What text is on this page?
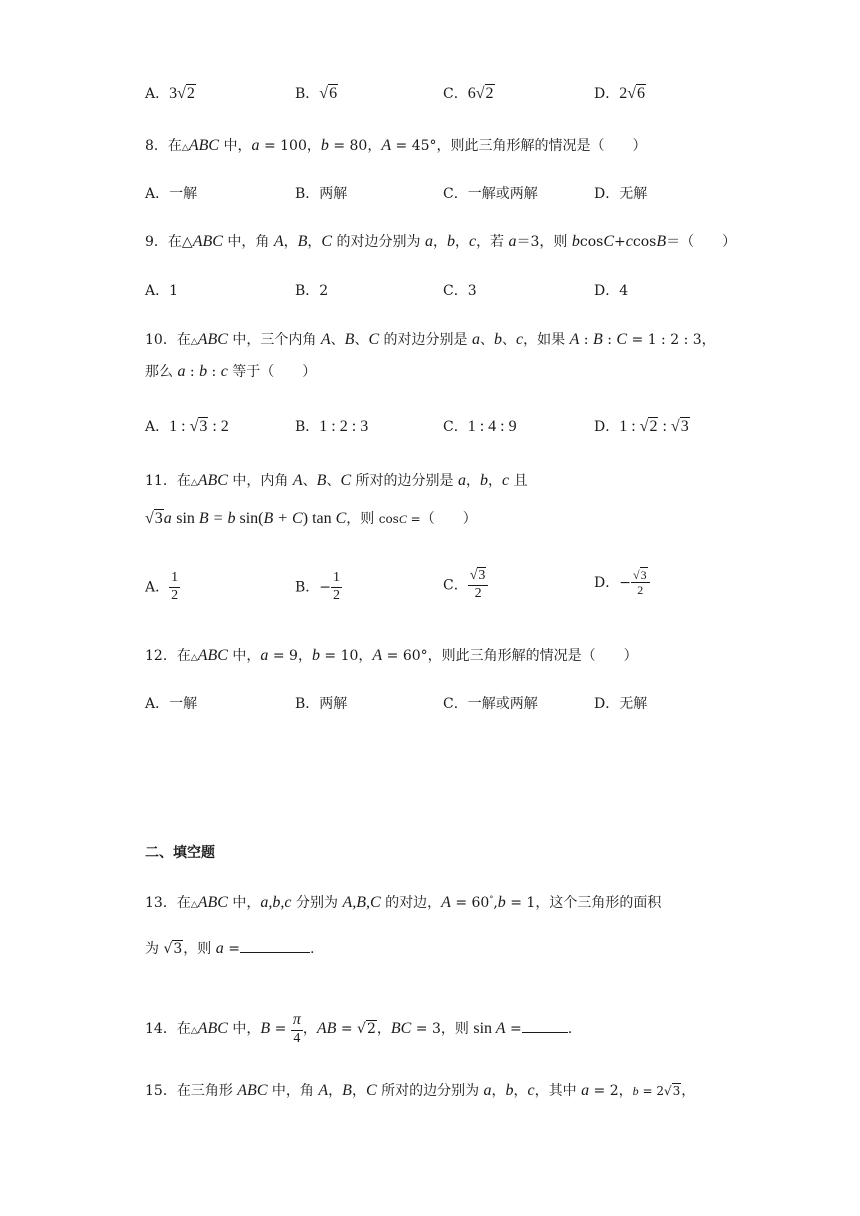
A．3√2	B．√6	C．6√2	D．2√6
8．在△ABC 中，a = 100，b = 80，A = 45°，则此三角形解的情况是（　　）
A．一解	B．两解	C．一解或两解	D．无解
9．在△ABC 中，角 A，B，C 的对边分别为 a，b，c，若 a＝3，则 bcosC+ccosB＝（　　）
A．1	B．2	C．3	D．4
10．在△ABC 中，三个内角 A、B、C 的对边分别是 a、b、c，如果 A : B : C = 1 : 2 : 3，
那么 a : b : c 等于（　　）
A．1 : √3 : 2	B．1 : 2 : 3	C．1 : 4 : 9	D．1 : √2 : √3
11．在△ABC 中，内角 A、B、C 所对的边分别是 a，b，c 且
√3a sin B = b sin(B + C) tan C，则 cosC =（　　）
A． $\frac{1}{2}$	B．− $\frac{1}{2}$	C． $\frac{√3}{2}$	D．− $\frac{√3}{2}$
12．在△ABC 中，a = 9，b = 10，A = 60°，则此三角形解的情况是（　　）
A．一解	B．两解	C．一解或两解	D．无解
二、填空题
13．在△ABC 中，a,b,c 分别为 A,B,C 的对边，A = 60°,b = 1，这个三角形的面积
为 √3，则 a =	.
14．在△ABC 中，$B = \frac{\pi}{4}$ ，AB = √2，BC = 3，则 sin A =	.
15．在三角形 ABC 中，角 A，B，C 所对的边分别为 a，b，c，其中 a = 2，b = 2√3，
